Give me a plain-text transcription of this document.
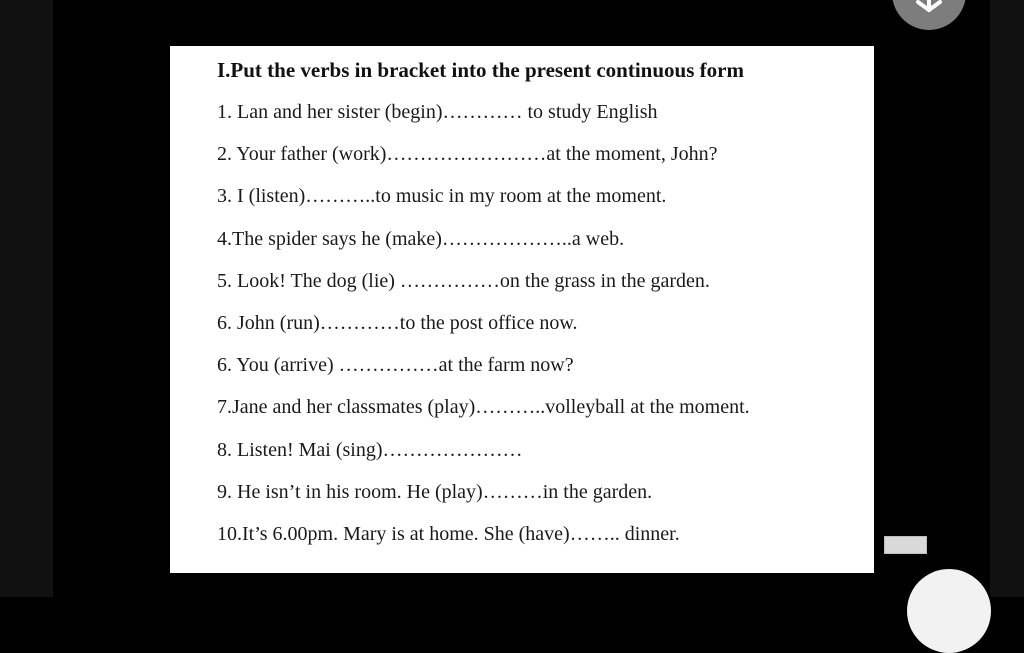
I.Put the verbs in bracket into the present continuous form
1. Lan and her sister (begin)………… to study English
2. Your father (work)……………………at the moment, John?
3. I (listen)………..to music in my room at the moment.
4.The spider says he (make)………………..a web.
5. Look! The dog (lie) ……………on the grass in the garden.
6. John (run)…………to the post office now.
6. You (arrive) ……………at the farm now?
7.Jane and her classmates (play)………..volleyball at the moment.
8. Listen! Mai (sing)…………………
9. He isn’t in his room. He (play)………in the garden.
10.It’s 6.00pm. Mary is at home. She (have)…….. dinner.
